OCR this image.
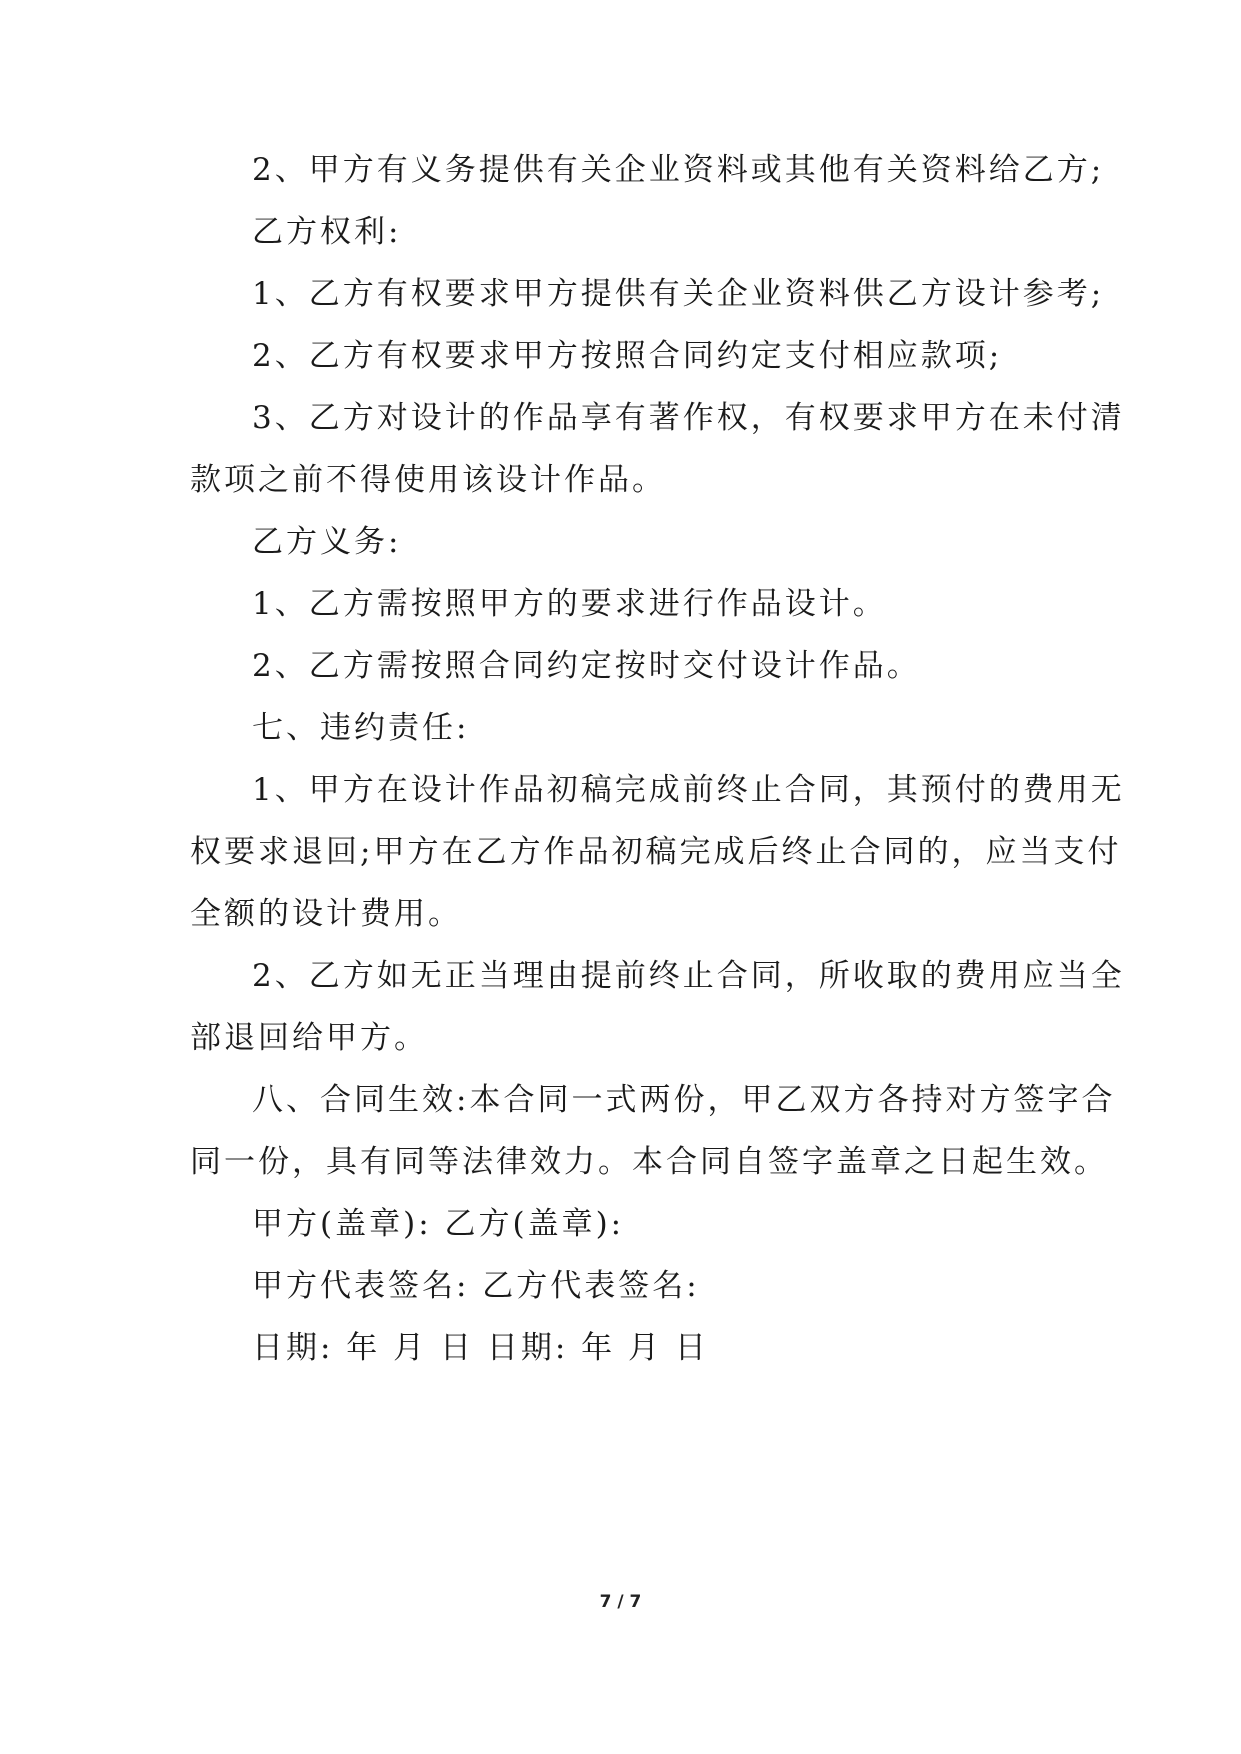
2、甲方有义务提供有关企业资料或其他有关资料给乙方;
乙方权利:
1、乙方有权要求甲方提供有关企业资料供乙方设计参考;
2、乙方有权要求甲方按照合同约定支付相应款项;
3、乙方对设计的作品享有著作权，有权要求甲方在未付清
款项之前不得使用该设计作品。
乙方义务:
1、乙方需按照甲方的要求进行作品设计。
2、乙方需按照合同约定按时交付设计作品。
七、违约责任:
1、甲方在设计作品初稿完成前终止合同，其预付的费用无
权要求退回;甲方在乙方作品初稿完成后终止合同的，应当支付
全额的设计费用。
2、乙方如无正当理由提前终止合同，所收取的费用应当全
部退回给甲方。
八、合同生效:本合同一式两份，甲乙双方各持对方签字合
同一份，具有同等法律效力。本合同自签字盖章之日起生效。
甲方(盖章): 乙方(盖章):
甲方代表签名: 乙方代表签名:
日期: 年 月 日 日期: 年 月 日
7 / 7
